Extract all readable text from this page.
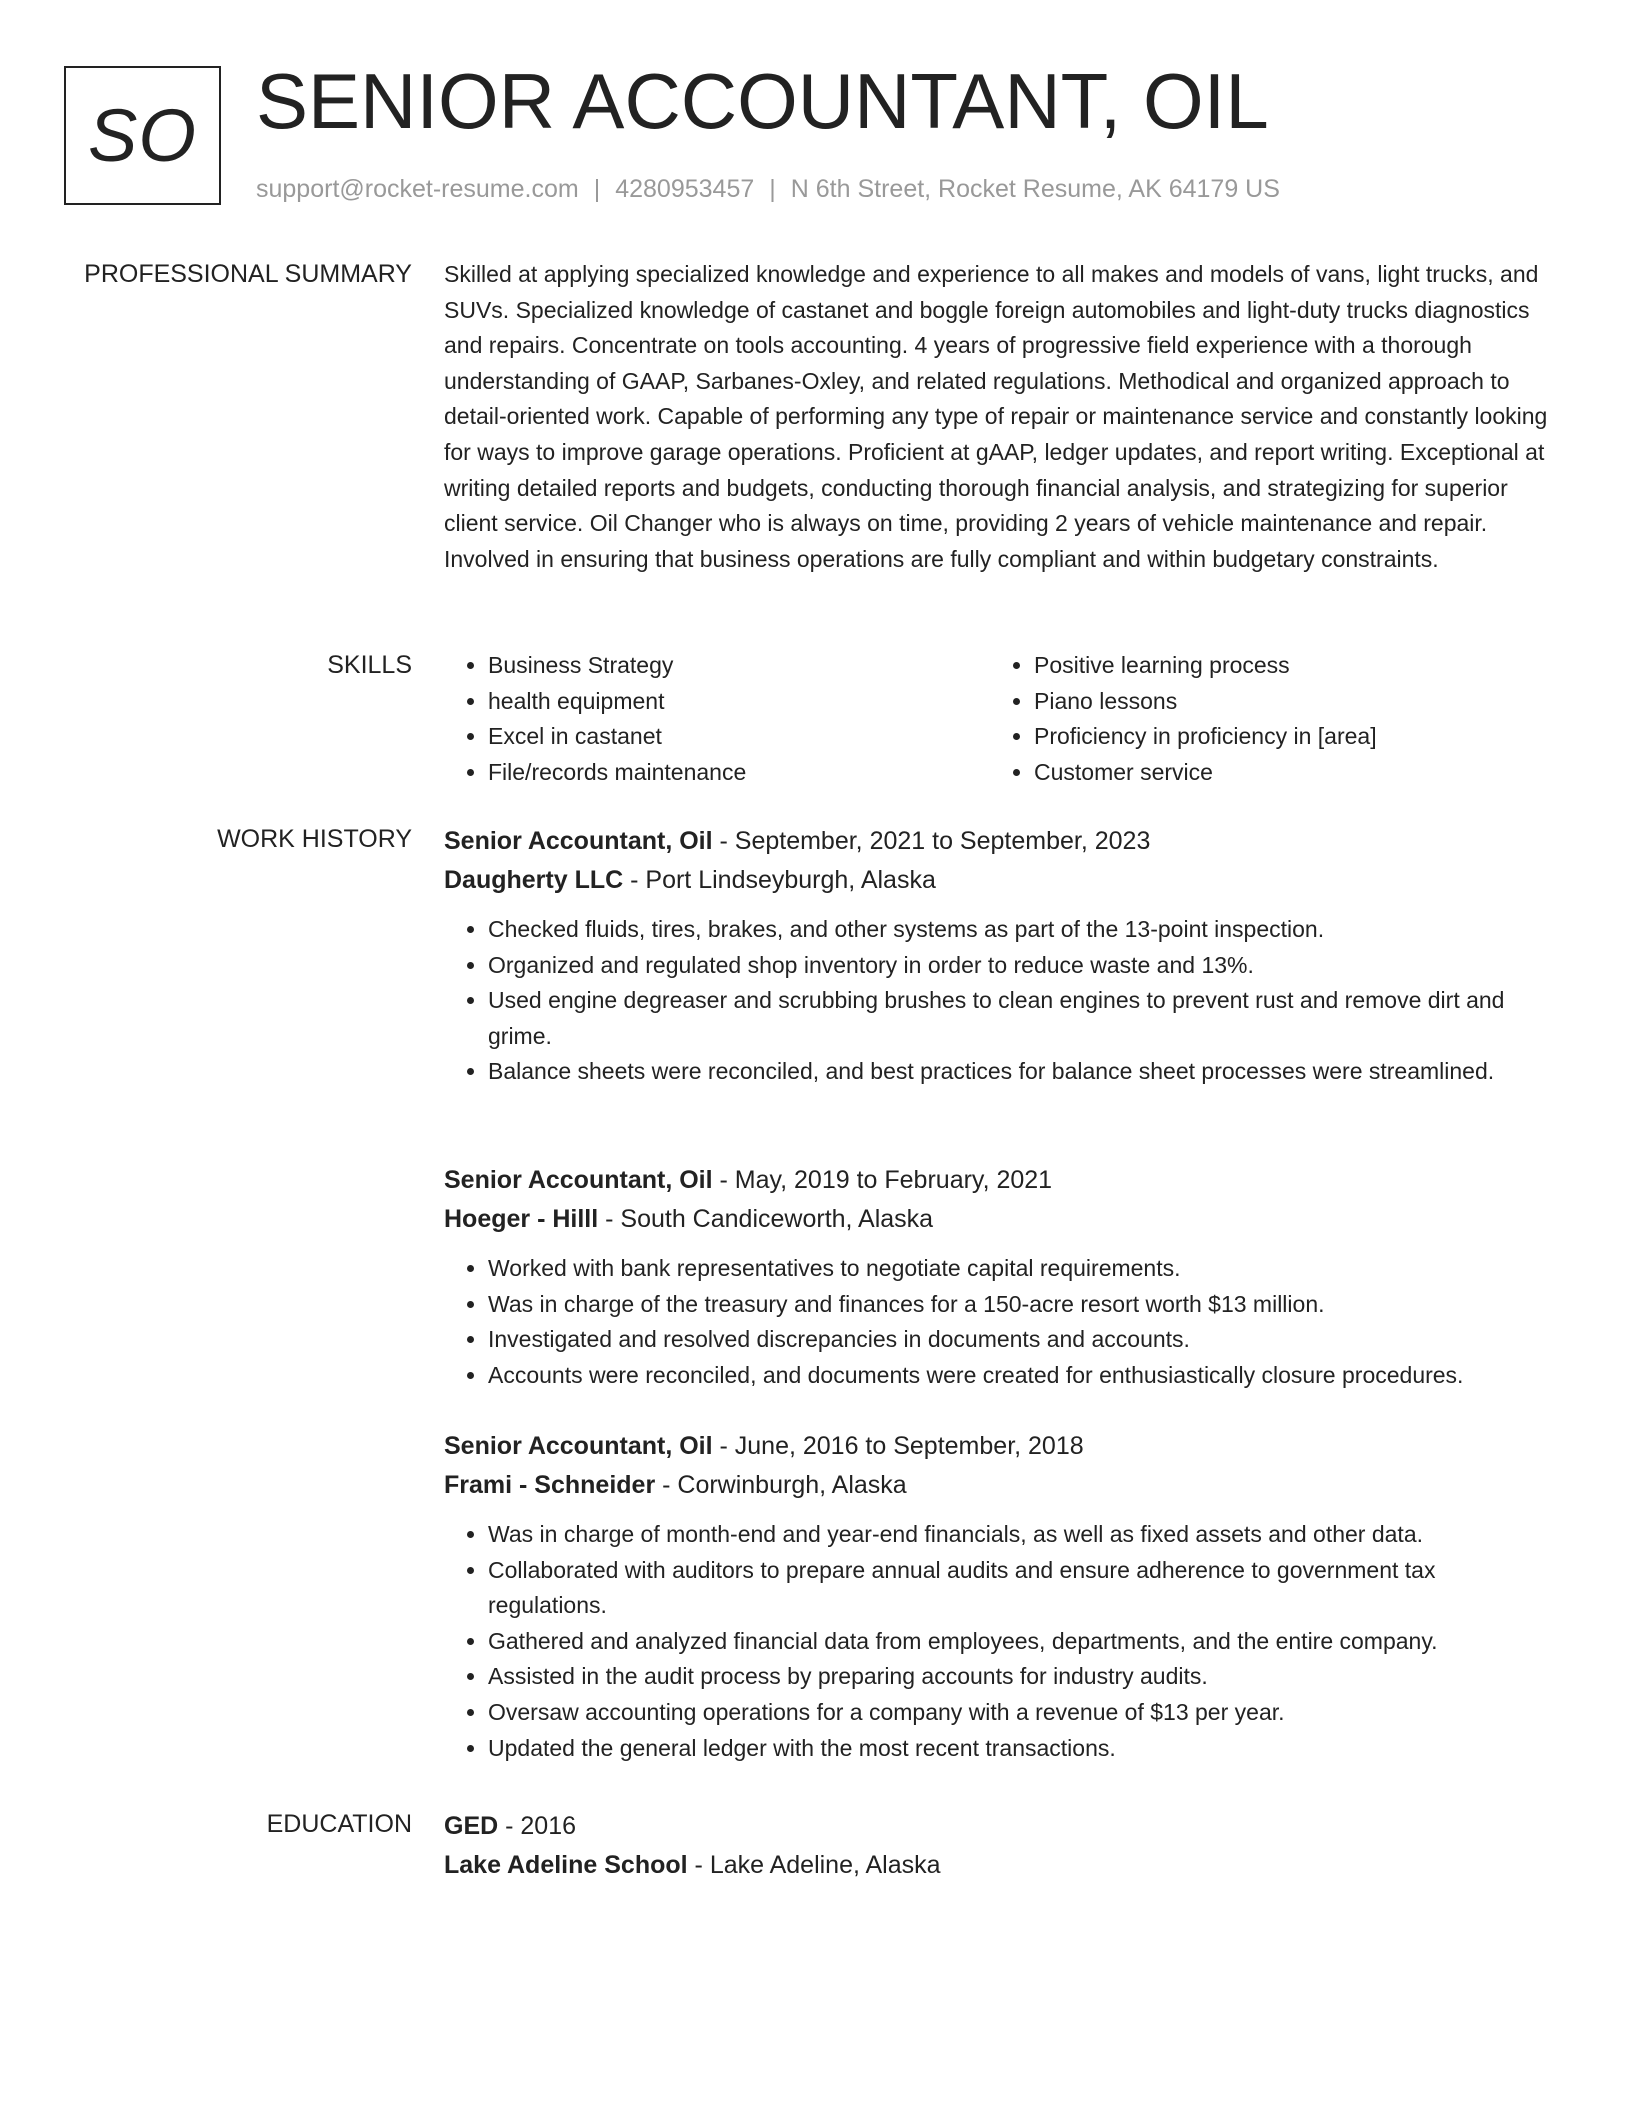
SO SENIOR ACCOUNTANT, OIL
support@rocket-resume.com | 4280953457 | N 6th Street, Rocket Resume, AK 64179 US
PROFESSIONAL SUMMARY Skilled at applying specialized knowledge and experience to all makes and models of vans, light trucks, and SUVs. Specialized knowledge of castanet and boggle foreign automobiles and light-duty trucks diagnostics and repairs. Concentrate on tools accounting. 4 years of progressive field experience with a thorough understanding of GAAP, Sarbanes-Oxley, and related regulations. Methodical and organized approach to detail-oriented work. Capable of performing any type of repair or maintenance service and constantly looking for ways to improve garage operations. Proficient at gAAP, ledger updates, and report writing. Exceptional at writing detailed reports and budgets, conducting thorough financial analysis, and strategizing for superior client service. Oil Changer who is always on time, providing 2 years of vehicle maintenance and repair. Involved in ensuring that business operations are fully compliant and within budgetary constraints.

SKILLS
•	Business Strategy
• health equipment
• Excel in castanet
• File/records maintenance
• Positive learning process
• Piano lessons
• Proficiency in proficiency in [area]
• Customer service
WORK HISTORY Senior Accountant, Oil - September, 2021 to September, 2023
Daugherty LLC - Port Lindseyburgh, Alaska
• Checked fluids, tires, brakes, and other systems as part of the 13-point inspection.
• Organized and regulated shop inventory in order to reduce waste and 13%.
• Used engine degreaser and scrubbing brushes to clean engines to prevent rust and remove dirt and grime.
• Balance sheets were reconciled, and best practices for balance sheet processes were streamlined.
Senior Accountant, Oil - May, 2019 to February, 2021
Hoeger - Hilll - South Candiceworth, Alaska
• Worked with bank representatives to negotiate capital requirements.
• Was in charge of the treasury and finances for a 150-acre resort worth $13 million.
• Investigated and resolved discrepancies in documents and accounts.
• Accounts were reconciled, and documents were created for enthusiastically closure procedures.
Senior Accountant, Oil - June, 2016 to September, 2018
Frami - Schneider - Corwinburgh, Alaska
• Was in charge of month-end and year-end financials, as well as fixed assets and other data.
• Collaborated with auditors to prepare annual audits and ensure adherence to government tax regulations.
• Gathered and analyzed financial data from employees, departments, and the entire company.
• Assisted in the audit process by preparing accounts for industry audits.
• Oversaw accounting operations for a company with a revenue of $13 per year.
• Updated the general ledger with the most recent transactions.
EDUCATION GED - 2016
Lake Adeline School - Lake Adeline, Alaska
